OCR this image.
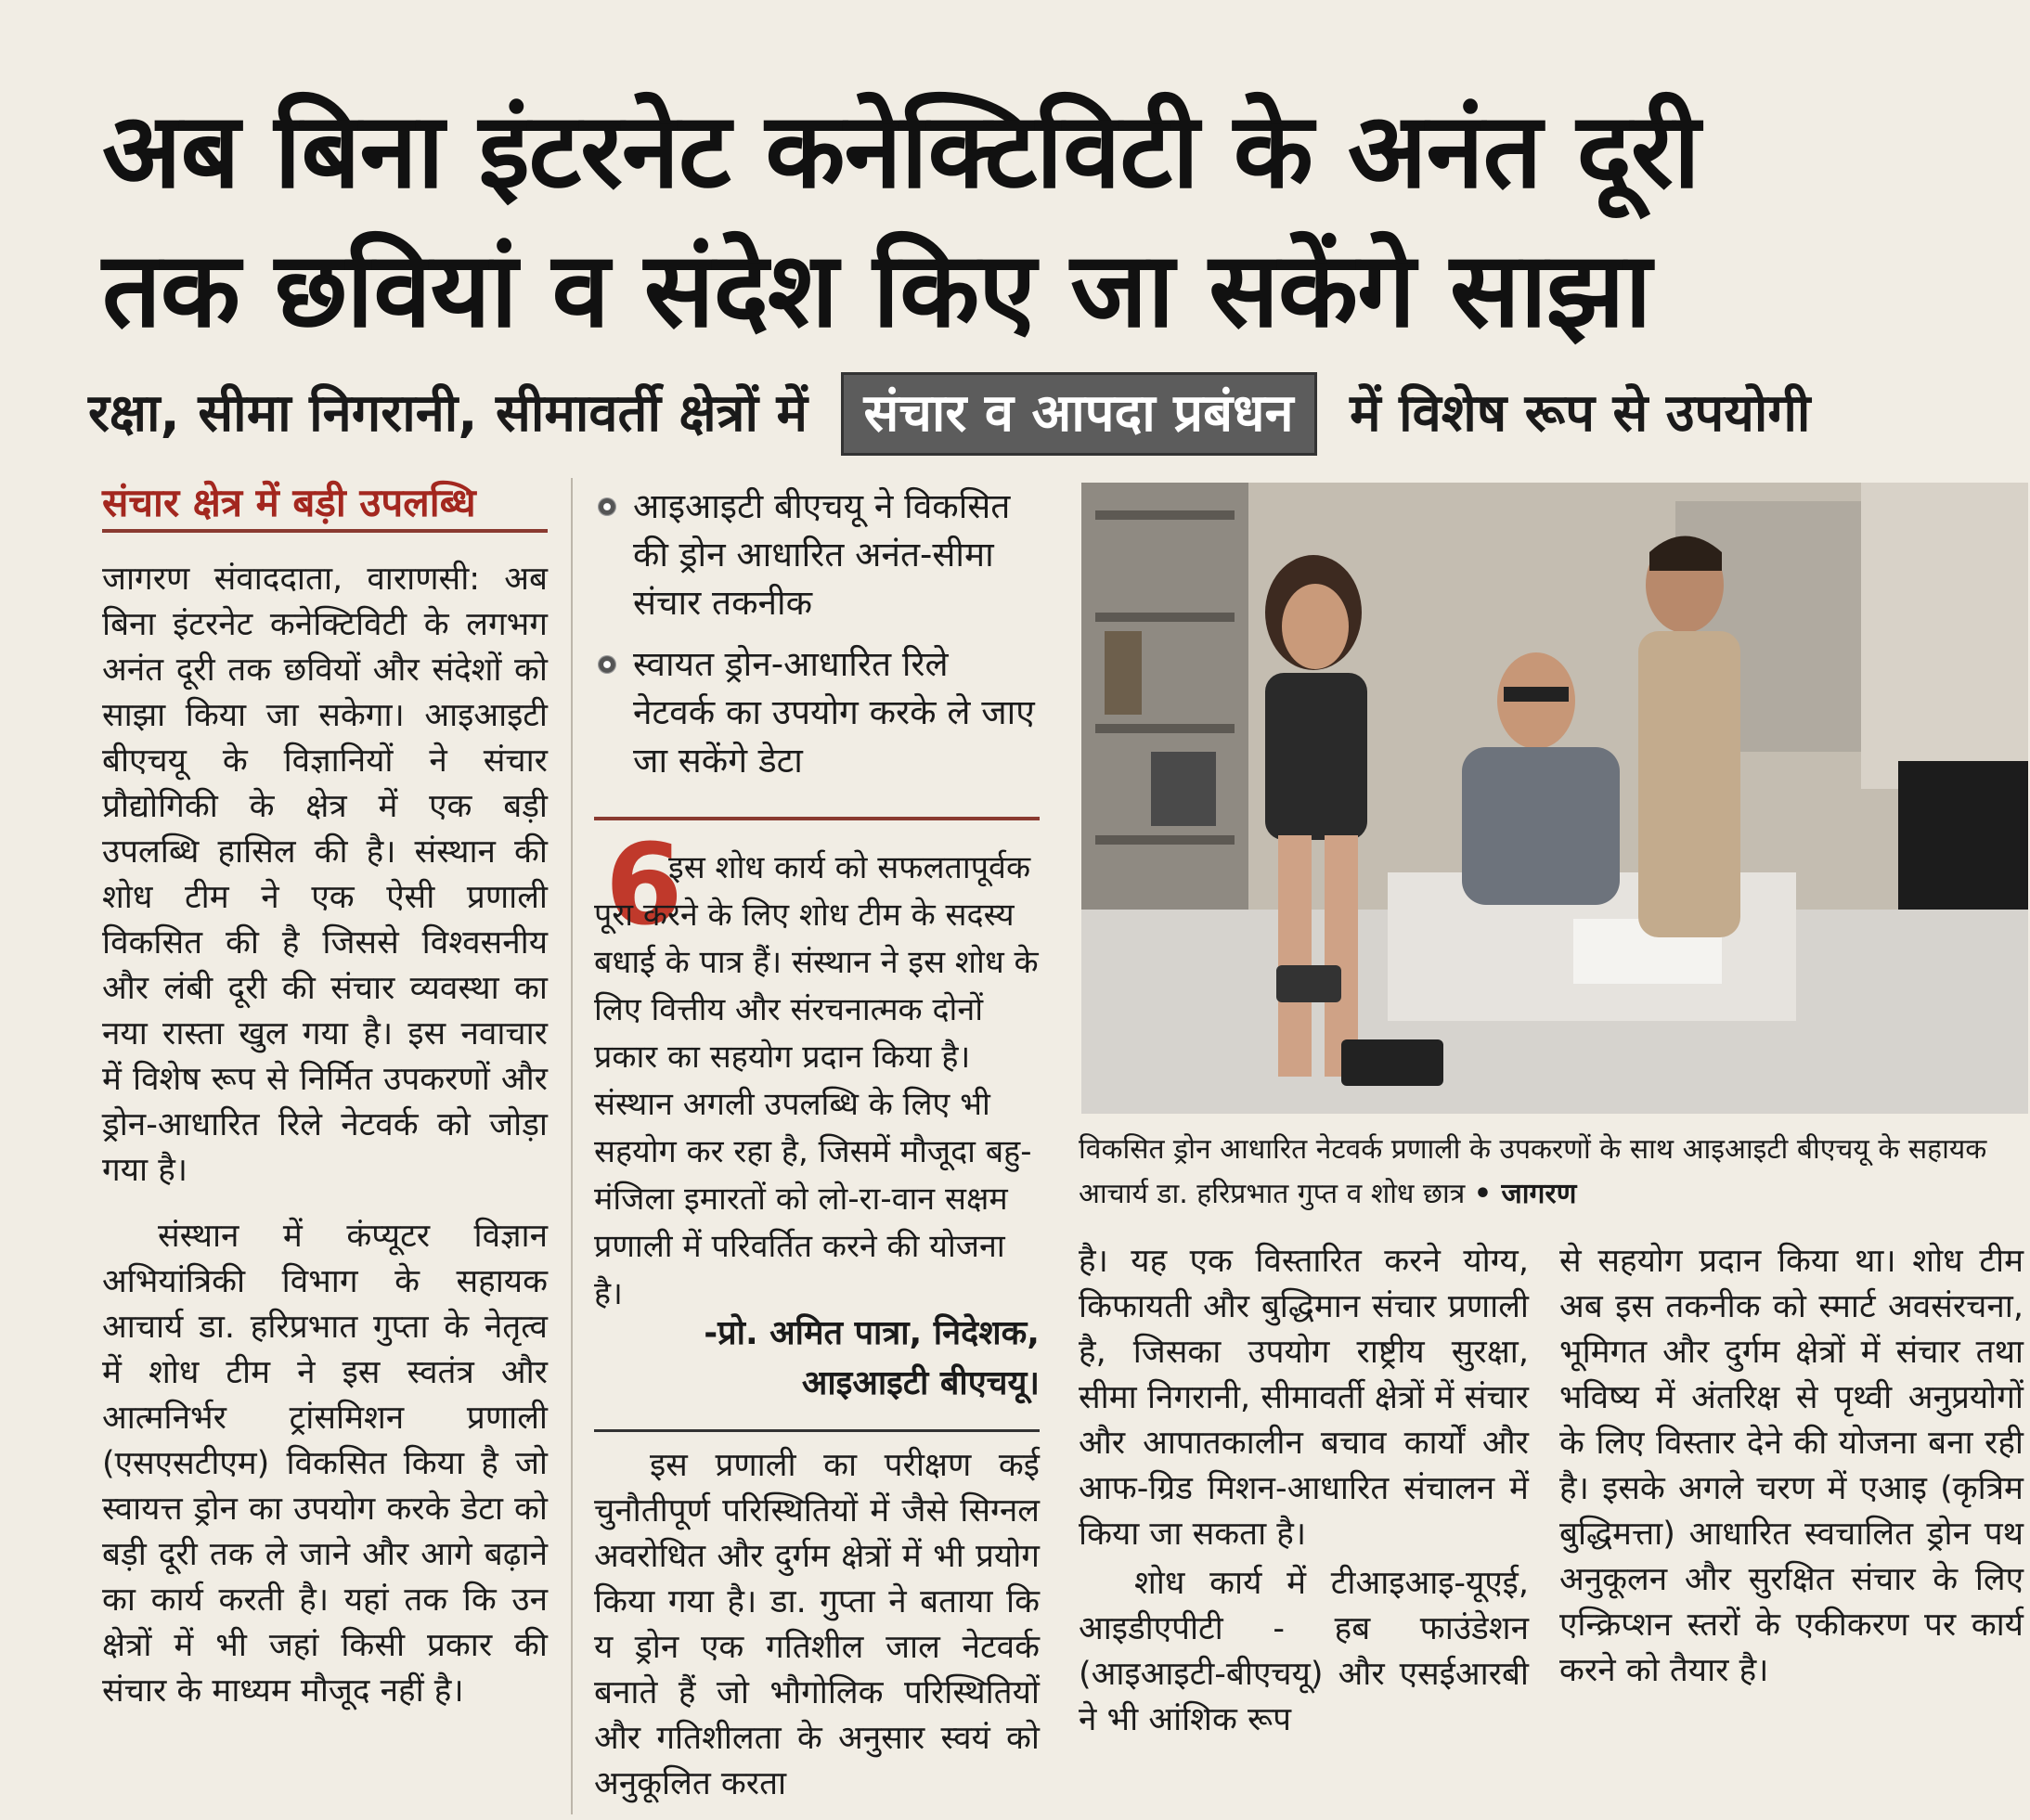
अब बिना इंटरनेट कनेक्टिविटी के अनंत दूरी
तक छवियां व संदेश किए जा सकेंगे साझा
रक्षा, सीमा निगरानी, सीमावर्ती क्षेत्रों में संचार व आपदा प्रबंधन में विशेष रूप से उपयोगी
संचार क्षेत्र में बड़ी उपलब्धि

जागरण संवाददाता, वाराणसी: अब बिना इंटरनेट कनेक्टिविटी के लगभग अनंत दूरी तक छवियों और संदेशों को साझा किया जा सकेगा। आइआइटी बीएचयू के विज्ञानियों ने संचार प्रौद्योगिकी के क्षेत्र में एक बड़ी उपलब्धि हासिल की है। संस्थान की शोध टीम ने एक ऐसी प्रणाली विकसित की है जिससे विश्वसनीय और लंबी दूरी की संचार व्यवस्था का नया रास्ता खुल गया है। इस नवाचार में विशेष रूप से निर्मित उपकरणों और ड्रोन-आधारित रिले नेटवर्क को जोड़ा गया है।

संस्थान में कंप्यूटर विज्ञान अभियांत्रिकी विभाग के सहायक आचार्य डा. हरिप्रभात गुप्ता के नेतृत्व में शोध टीम ने इस स्वतंत्र और आत्मनिर्भर ट्रांसमिशन प्रणाली (एसएसटीएम) विकसित किया है जो स्वायत्त ड्रोन का उपयोग करके डेटा को बड़ी दूरी तक ले जाने और आगे बढ़ाने का कार्य करती है। यहां तक कि उन क्षेत्रों में भी जहां किसी प्रकार की संचार के माध्यम मौजूद नहीं है।

आइआइटी बीएचयू ने विकसित की ड्रोन आधारित अनंत-सीमा संचार तकनीक
स्वायत ड्रोन-आधारित रिले नेटवर्क का उपयोग करके ले जाए जा सकेंगे डेटा
6

इस शोध कार्य को सफलतापूर्वक पूरा करने के लिए शोध टीम के सदस्य बधाई के पात्र हैं। संस्थान ने इस शोध के लिए वित्तीय और संरचनात्मक दोनों प्रकार का सहयोग प्रदान किया है। संस्थान अगली उपलब्धि के लिए भी सहयोग कर रहा है, जिसमें मौजूदा बहु-मंजिला इमारतों को लो-रा-वान सक्षम प्रणाली में परिवर्तित करने की योजना है।

-प्रो. अमित पात्रा, निदेशक,
आइआइटी बीएचयू।

इस प्रणाली का परीक्षण कई चुनौतीपूर्ण परिस्थितियों में जैसे सिग्नल अवरोधित और दुर्गम क्षेत्रों में भी प्रयोग किया गया है। डा. गुप्ता ने बताया कि य ड्रोन एक गतिशील जाल नेटवर्क बनाते हैं जो भौगोलिक परिस्थितियों और गतिशीलता के अनुसार स्वयं को अनुकूलित करता

विकसित ड्रोन आधारित नेटवर्क प्रणाली के उपकरणों के साथ आइआइटी बीएचयू के सहायक आचार्य डा. हरिप्रभात गुप्त व शोध छात्र • जागरण

है। यह एक विस्तारित करने योग्य, किफायती और बुद्धिमान संचार प्रणाली है, जिसका उपयोग राष्ट्रीय सुरक्षा, सीमा निगरानी, सीमावर्ती क्षेत्रों में संचार और आपातकालीन बचाव कार्यों और आफ-ग्रिड मिशन-आधारित संचालन में किया जा सकता है।

शोध कार्य में टीआइआइ-यूएई, आइडीएपीटी - हब फाउंडेशन (आइआइटी-बीएचयू) और एसईआरबी ने भी आंशिक रूप

से सहयोग प्रदान किया था। शोध टीम अब इस तकनीक को स्मार्ट अवसंरचना, भूमिगत और दुर्गम क्षेत्रों में संचार तथा भविष्य में अंतरिक्ष से पृथ्वी अनुप्रयोगों के लिए विस्तार देने की योजना बना रही है। इसके अगले चरण में एआइ (कृत्रिम बुद्धिमत्ता) आधारित स्वचालित ड्रोन पथ अनुकूलन और सुरक्षित संचार के लिए एन्क्रिप्शन स्तरों के एकीकरण पर कार्य करने को तैयार है।
